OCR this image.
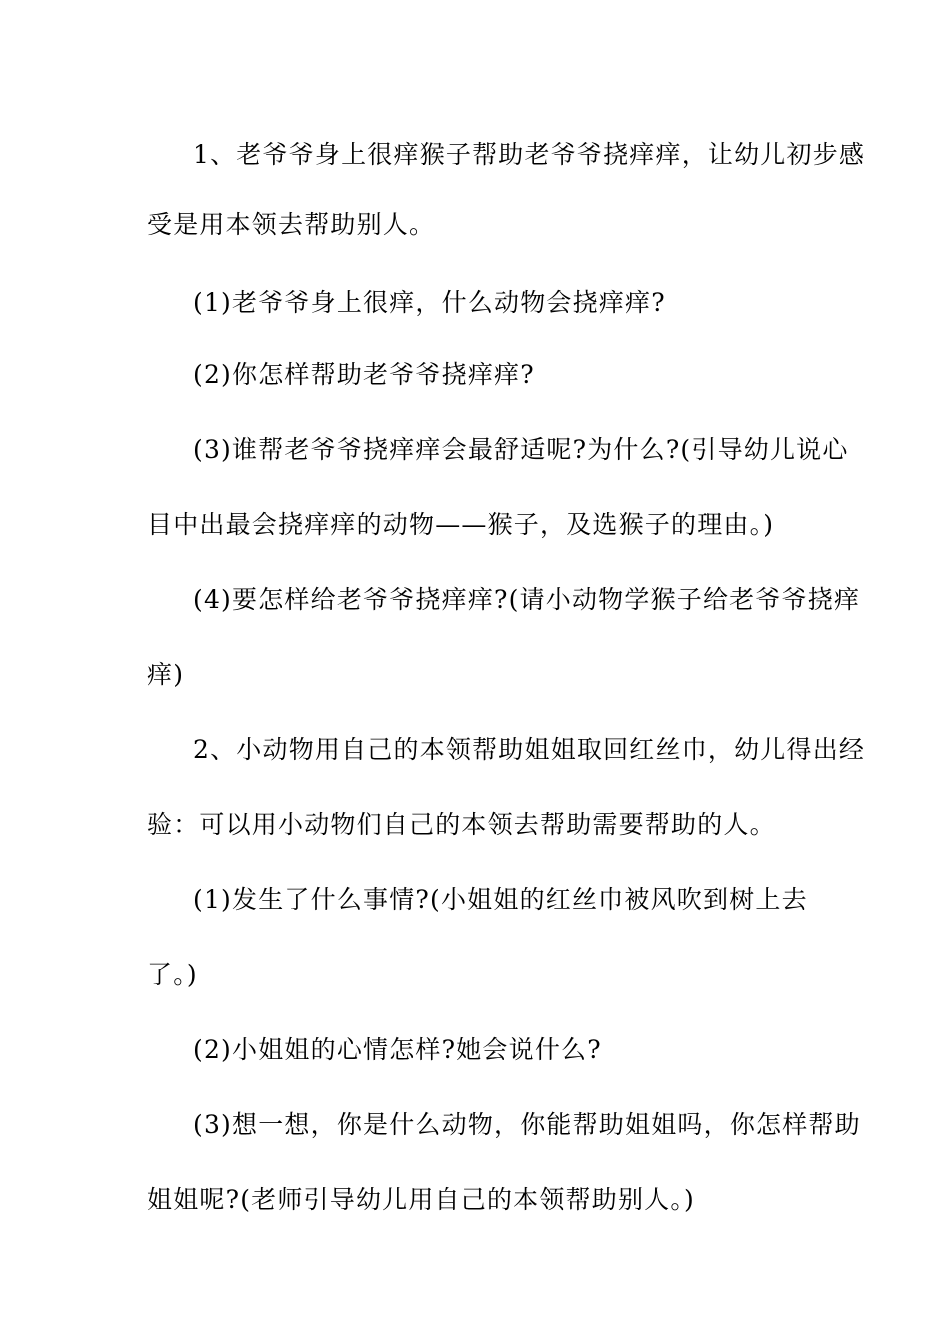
1、老爷爷身上很痒猴子帮助老爷爷挠痒痒，让幼儿初步感
受是用本领去帮助别人。
(1)老爷爷身上很痒，什么动物会挠痒痒?
(2)你怎样帮助老爷爷挠痒痒?
(3)谁帮老爷爷挠痒痒会最舒适呢?为什么?(引导幼儿说心
目中出最会挠痒痒的动物——猴子，及选猴子的理由。)
(4)要怎样给老爷爷挠痒痒?(请小动物学猴子给老爷爷挠痒
痒)
2、小动物用自己的本领帮助姐姐取回红丝巾，幼儿得出经
验：可以用小动物们自己的本领去帮助需要帮助的人。
(1)发生了什么事情?(小姐姐的红丝巾被风吹到树上去
了。)
(2)小姐姐的心情怎样?她会说什么?
(3)想一想，你是什么动物，你能帮助姐姐吗，你怎样帮助
姐姐呢?(老师引导幼儿用自己的本领帮助别人。)
